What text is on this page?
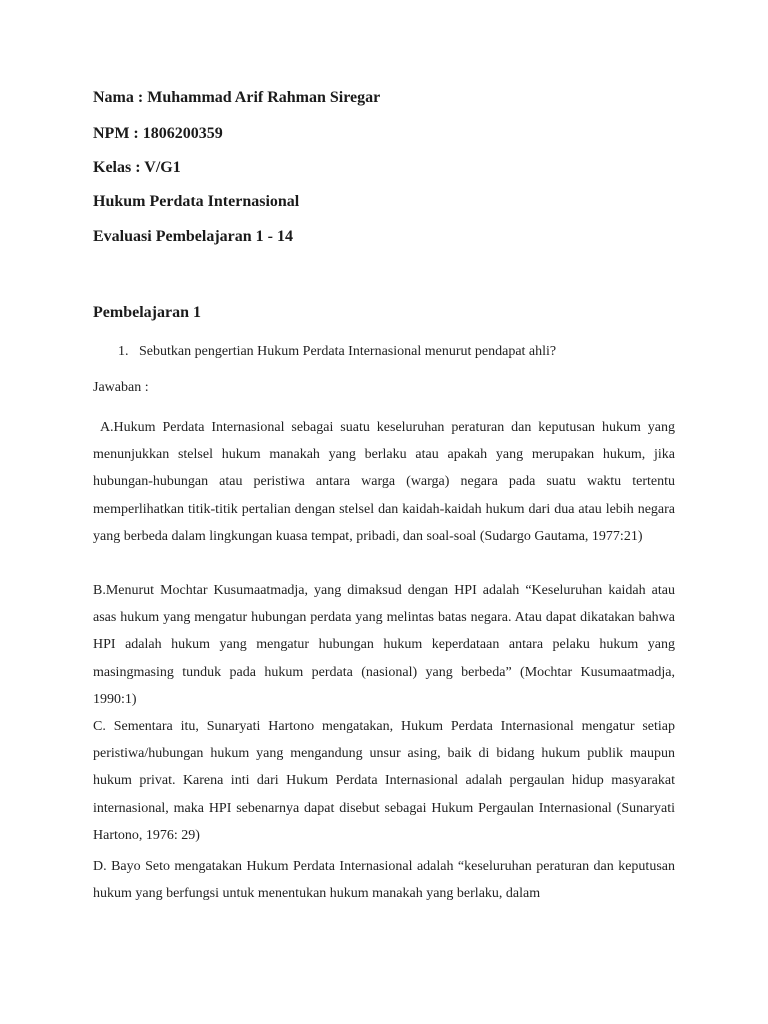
Nama : Muhammad Arif Rahman Siregar
NPM : 1806200359
Kelas : V/G1
Hukum Perdata Internasional
Evaluasi Pembelajaran 1 - 14
Pembelajaran 1
1. Sebutkan pengertian Hukum Perdata Internasional menurut pendapat ahli?
Jawaban :

A.Hukum Perdata Internasional sebagai suatu keseluruhan peraturan dan keputusan hukum yang menunjukkan stelsel hukum manakah yang berlaku atau apakah yang merupakan hukum, jika hubungan-hubungan atau peristiwa antara warga (warga) negara pada suatu waktu tertentu memperlihatkan titik-titik pertalian dengan stelsel dan kaidah-kaidah hukum dari dua atau lebih negara yang berbeda dalam lingkungan kuasa tempat, pribadi, dan soal-soal (Sudargo Gautama, 1977:21)

B.Menurut Mochtar Kusumaatmadja, yang dimaksud dengan HPI adalah “Keseluruhan kaidah atau asas hukum yang mengatur hubungan perdata yang melintas batas negara. Atau dapat dikatakan bahwa HPI adalah hukum yang mengatur hubungan hukum keperdataan antara pelaku hukum yang masingmasing tunduk pada hukum perdata (nasional) yang berbeda” (Mochtar Kusumaatmadja, 1990:1)

C. Sementara itu, Sunaryati Hartono mengatakan, Hukum Perdata Internasional mengatur setiap peristiwa/hubungan hukum yang mengandung unsur asing, baik di bidang hukum publik maupun hukum privat. Karena inti dari Hukum Perdata Internasional adalah pergaulan hidup masyarakat internasional, maka HPI sebenarnya dapat disebut sebagai Hukum Pergaulan Internasional (Sunaryati Hartono, 1976: 29)

D. Bayo Seto mengatakan Hukum Perdata Internasional adalah “keseluruhan peraturan dan keputusan hukum yang berfungsi untuk menentukan hukum manakah yang berlaku, dalam
